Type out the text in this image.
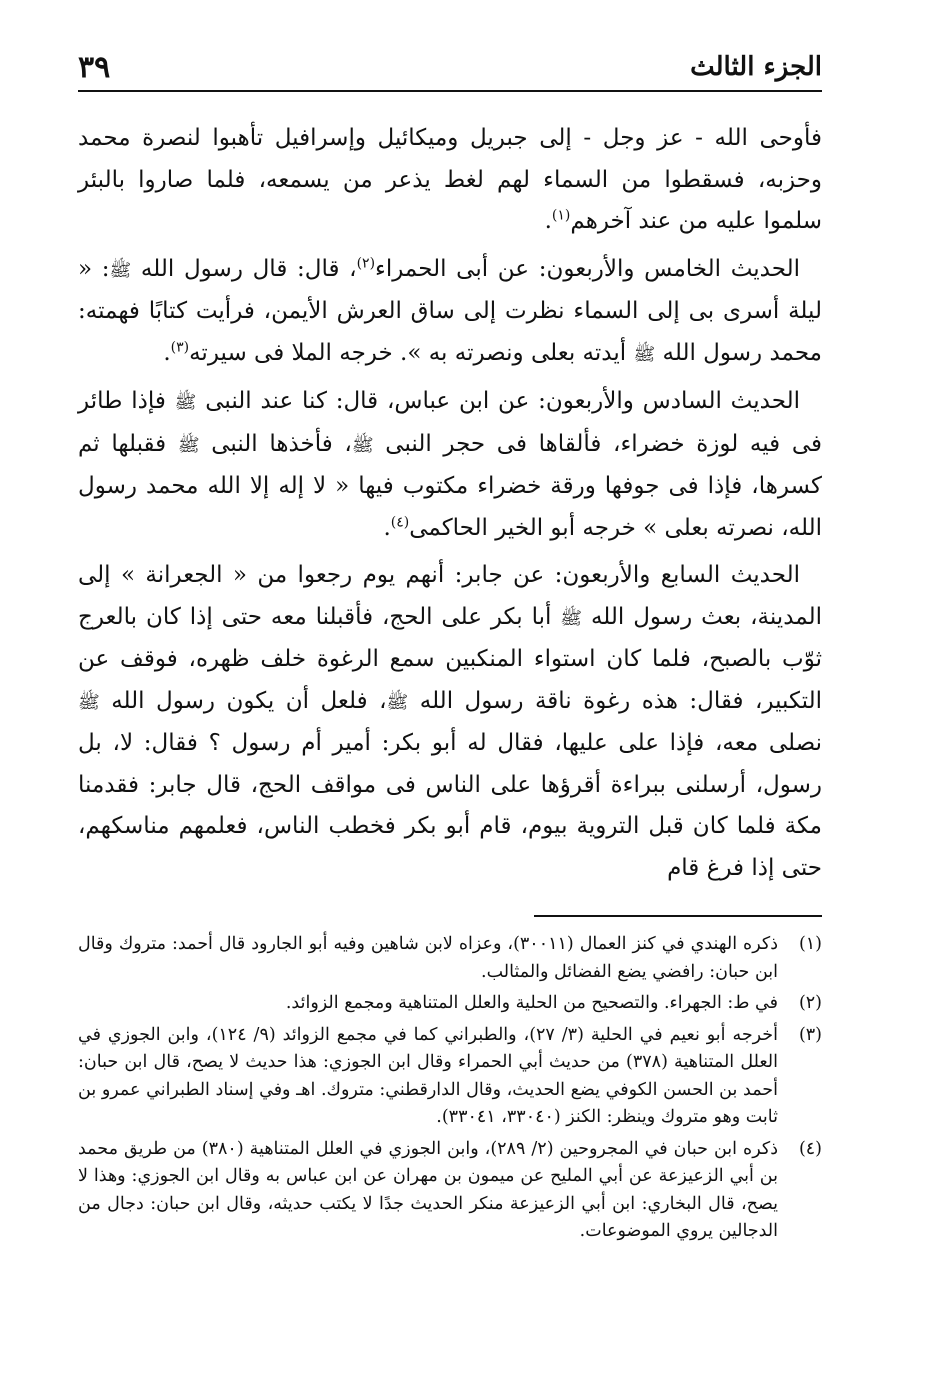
الجزء الثالث
٣٩

فأوحى الله - عز وجل - إلى جبريل وميكائيل وإسرافيل تأهبوا لنصرة محمد وحزبه، فسقطوا من السماء لهم لغط يذعر من يسمعه، فلما صاروا بالبئر سلموا عليه من عند آخرهم$^{(١)}$.

الحديث الخامس والأربعون: عن أبى الحمراء$^{(٢)}$، قال: قال رسول الله ﷺ: « ليلة أسرى بى إلى السماء نظرت إلى ساق العرش الأيمن، فرأيت كتابًا فهمته: محمد رسول الله ﷺ أيدته بعلى ونصرته به ». خرجه الملا فى سيرته$^{(٣)}$.

الحديث السادس والأربعون: عن ابن عباس، قال: كنا عند النبى ﷺ فإذا طائر فى فيه لوزة خضراء، فألقاها فى حجر النبى ﷺ، فأخذها النبى ﷺ فقبلها ثم كسرها، فإذا فى جوفها ورقة خضراء مكتوب فيها « لا إله إلا الله محمد رسول الله، نصرته بعلى » خرجه أبو الخير الحاكمى$^{(٤)}$.

الحديث السابع والأربعون: عن جابر: أنهم يوم رجعوا من « الجعرانة » إلى المدينة، بعث رسول الله ﷺ أبا بكر على الحج، فأقبلنا معه حتى إذا كان بالعرج ثوّب بالصبح، فلما كان استواء المنكبين سمع الرغوة خلف ظهره، فوقف عن التكبير، فقال: هذه رغوة ناقة رسول الله ﷺ، فلعل أن يكون رسول الله ﷺ نصلى معه، فإذا على عليها، فقال له أبو بكر: أمير أم رسول ؟ فقال: لا، بل رسول، أرسلنى ببراءة أقرؤها على الناس فى مواقف الحج، قال جابر: فقدمنا مكة فلما كان قبل التروية بيوم، قام أبو بكر فخطب الناس، فعلمهم مناسكهم، حتى إذا فرغ قام

(١)
ذكره الهندي في كنز العمال (٣٠٠١١)، وعزاه لابن شاهين وفيه أبو الجارود قال أحمد: متروك وقال ابن حبان: رافضي يضع الفضائل والمثالب.
(٢)
في ط: الجهراء. والتصحيح من الحلية والعلل المتناهية ومجمع الزوائد.
(٣)
أخرجه أبو نعيم في الحلية (٣/ ٢٧)، والطبراني كما في مجمع الزوائد (٩/ ١٢٤)، وابن الجوزي في العلل المتناهية (٣٧٨) من حديث أبي الحمراء وقال ابن الجوزي: هذا حديث لا يصح، قال ابن حبان: أحمد بن الحسن الكوفي يضع الحديث، وقال الدارقطني: متروك. اهـ وفي إسناد الطبراني عمرو بن ثابت وهو متروك وينظر: الكنز (٣٣٠٤٠، ٣٣٠٤١).
(٤)
ذكره ابن حبان في المجروحين (٢/ ٢٨٩)، وابن الجوزي في العلل المتناهية (٣٨٠) من طريق محمد بن أبي الزعيزعة عن أبي المليح عن ميمون بن مهران عن ابن عباس به وقال ابن الجوزي: وهذا لا يصح، قال البخاري: ابن أبي الزعيزعة منكر الحديث جدًا لا يكتب حديثه، وقال ابن حبان: دجال من الدجالين يروي الموضوعات.
